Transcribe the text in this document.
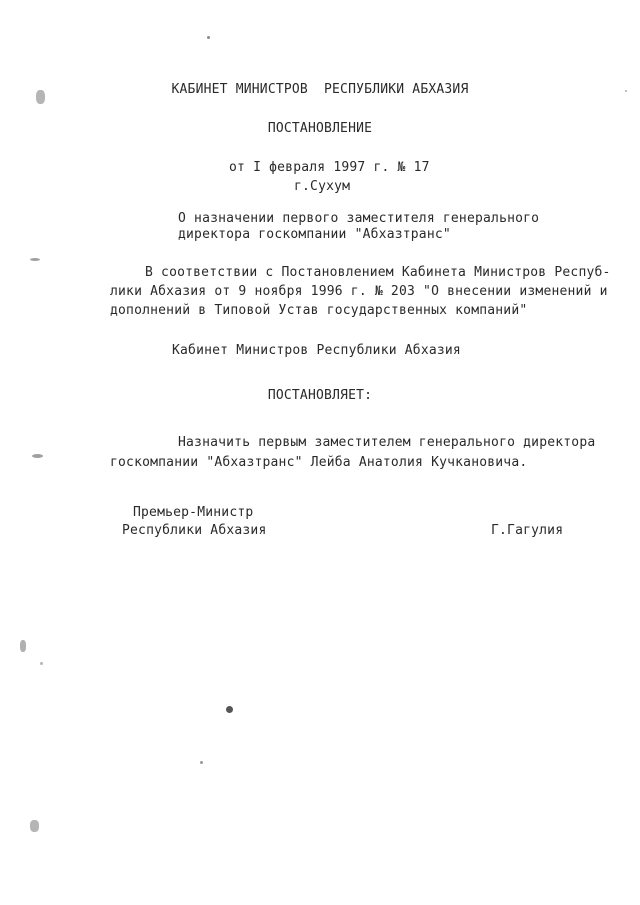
КАБИНЕТ МИНИСТРОВ  РЕСПУБЛИКИ АБХАЗИЯ
ПОСТАНОВЛЕНИЕ
от I февраля 1997 г. № 17
г.Сухум
О назначении первого заместителя генерального
директора госкомпании "Абхазтранс"
В соответствии с Постановлением Кабинета Министров Респуб-
лики Абхазия от 9 ноября 1996 г. № 203 "О внесении изменений и
дополнений в Типовой Устав государственных компаний"
Кабинет Министров Республики Абхазия
ПОСТАНОВЛЯЕТ:
Назначить первым заместителем генерального директора
госкомпании "Абхазтранс" Лейба Анатолия Кучкановича.
Премьер-Министр
Республики Абхазия	Г.Гагулия
